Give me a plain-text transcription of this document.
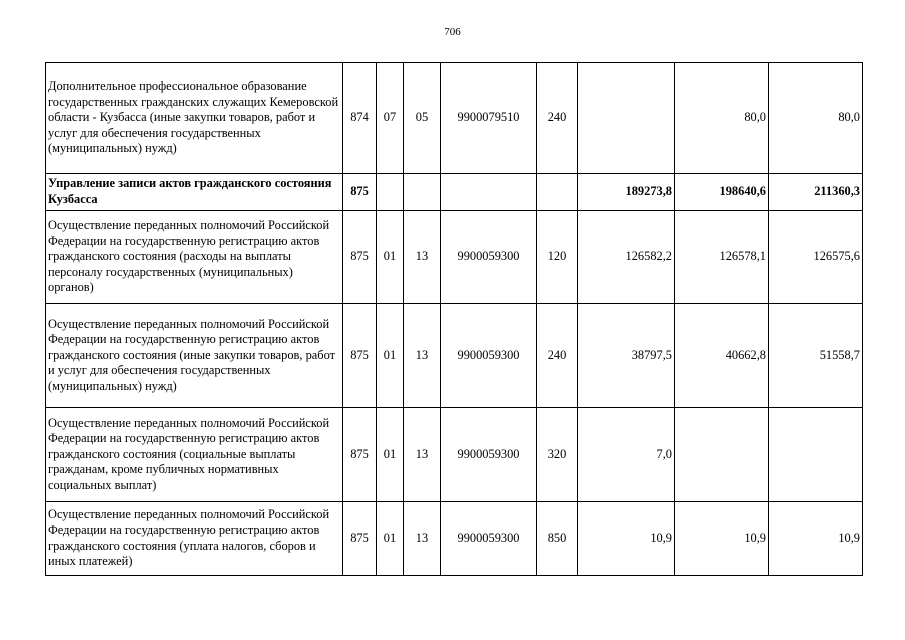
706
Дополнительное профессиональное образование государственных гражданских служащих Кемеровской области - Кузбасса (иные закупки товаров, работ и услуг для обеспечения государственных (муниципальных) нужд)	874	07	05	9900079510	240		80,0	80,0
Управление записи актов гражданского состояния Кузбасса	875					189273,8	198640,6	211360,3
Осуществление переданных полномочий Российской Федерации на государственную регистрацию актов гражданского состояния (расходы на выплаты персоналу государственных (муниципальных) органов)	875	01	13	9900059300	120	126582,2	126578,1	126575,6
Осуществление переданных полномочий Российской Федерации на государственную регистрацию актов гражданского состояния (иные закупки товаров, работ и услуг для обеспечения государственных (муниципальных) нужд)	875	01	13	9900059300	240	38797,5	40662,8	51558,7
Осуществление переданных полномочий Российской Федерации на государственную регистрацию актов гражданского состояния (социальные выплаты гражданам, кроме публичных нормативных социальных выплат)	875	01	13	9900059300	320	7,0		
Осуществление переданных полномочий Российской Федерации на государственную регистрацию актов гражданского состояния (уплата налогов, сборов и иных платежей)	875	01	13	9900059300	850	10,9	10,9	10,9
